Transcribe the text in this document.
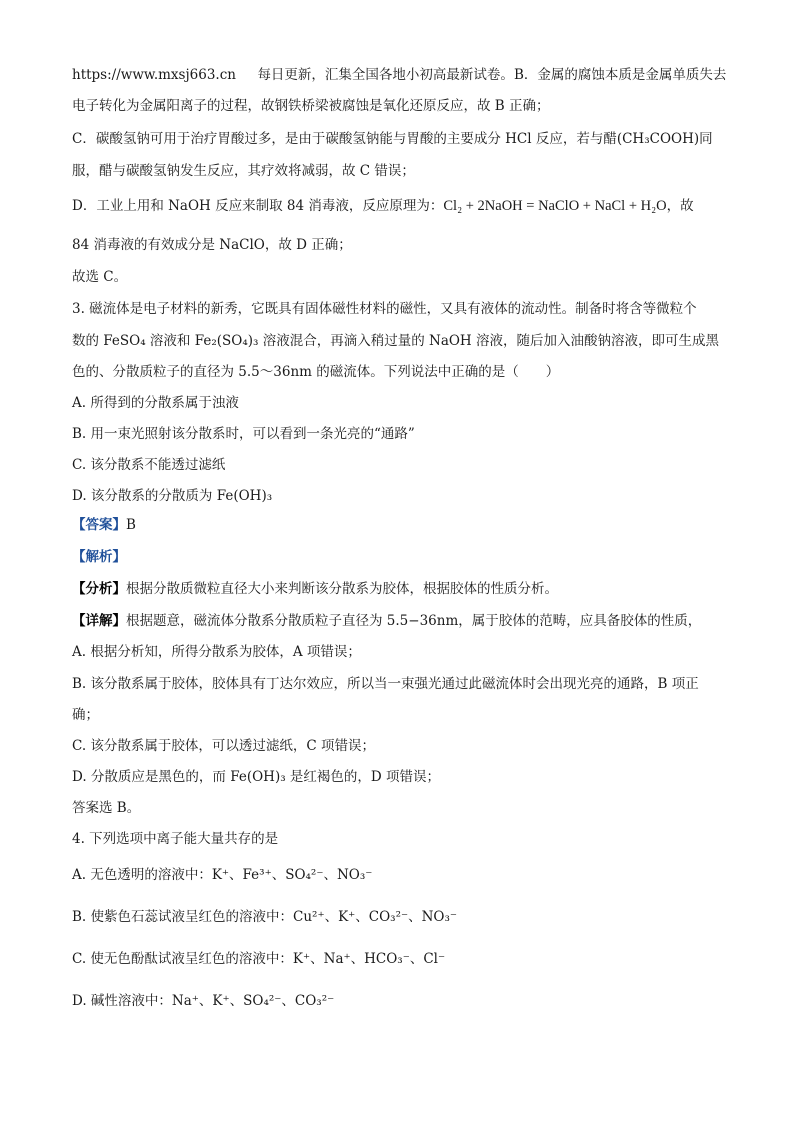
https://www.mxsj663.cn 每日更新，汇集全国各地小初高最新试卷。B．金属的腐蚀本质是金属单质失去
电子转化为金属阳离子的过程，故钢铁桥梁被腐蚀是氧化还原反应，故 B 正确；
C．碳酸氢钠可用于治疗胃酸过多，是由于碳酸氢钠能与胃酸的主要成分 HCl 反应，若与醋(CH₃COOH)同
服，醋与碳酸氢钠发生反应，其疗效将减弱，故 C 错误；
D．工业上用和 NaOH 反应来制取 84 消毒液，反应原理为：Cl₂ + 2NaOH = NaClO + NaCl + H₂O，故
84 消毒液的有效成分是 NaClO，故 D 正确；
故选 C。
3. 磁流体是电子材料的新秀，它既具有固体磁性材料的磁性，又具有液体的流动性。制备时将含等微粒个
数的 FeSO₄ 溶液和 Fe₂(SO₄)₃ 溶液混合，再滴入稍过量的 NaOH 溶液，随后加入油酸钠溶液，即可生成黑
色的、分散质粒子的直径为 5.5～36nm 的磁流体。下列说法中正确的是（　　）
A. 所得到的分散系属于浊液
B. 用一束光照射该分散系时，可以看到一条光亮的“通路”
C. 该分散系不能透过滤纸
D. 该分散系的分散质为 Fe(OH)₃
【答案】B
【解析】
【分析】根据分散质微粒直径大小来判断该分散系为胶体，根据胶体的性质分析。
【详解】根据题意，磁流体分散系分散质粒子直径为 5.5−36nm，属于胶体的范畴，应具备胶体的性质，
A. 根据分析知，所得分散系为胶体，A 项错误；
B. 该分散系属于胶体，胶体具有丁达尔效应，所以当一束强光通过此磁流体时会出现光亮的通路，B 项正
确；
C. 该分散系属于胶体，可以透过滤纸，C 项错误；
D. 分散质应是黑色的，而 Fe(OH)₃ 是红褐色的，D 项错误；
答案选 B。
4. 下列选项中离子能大量共存的是
A. 无色透明的溶液中：K⁺、Fe³⁺、SO₄²⁻、NO₃⁻
B. 使紫色石蕊试液呈红色的溶液中：Cu²⁺、K⁺、CO₃²⁻、NO₃⁻
C. 使无色酚酞试液呈红色的溶液中：K⁺、Na⁺、HCO₃⁻、Cl⁻
D. 碱性溶液中：Na⁺、K⁺、SO₄²⁻、CO₃²⁻
